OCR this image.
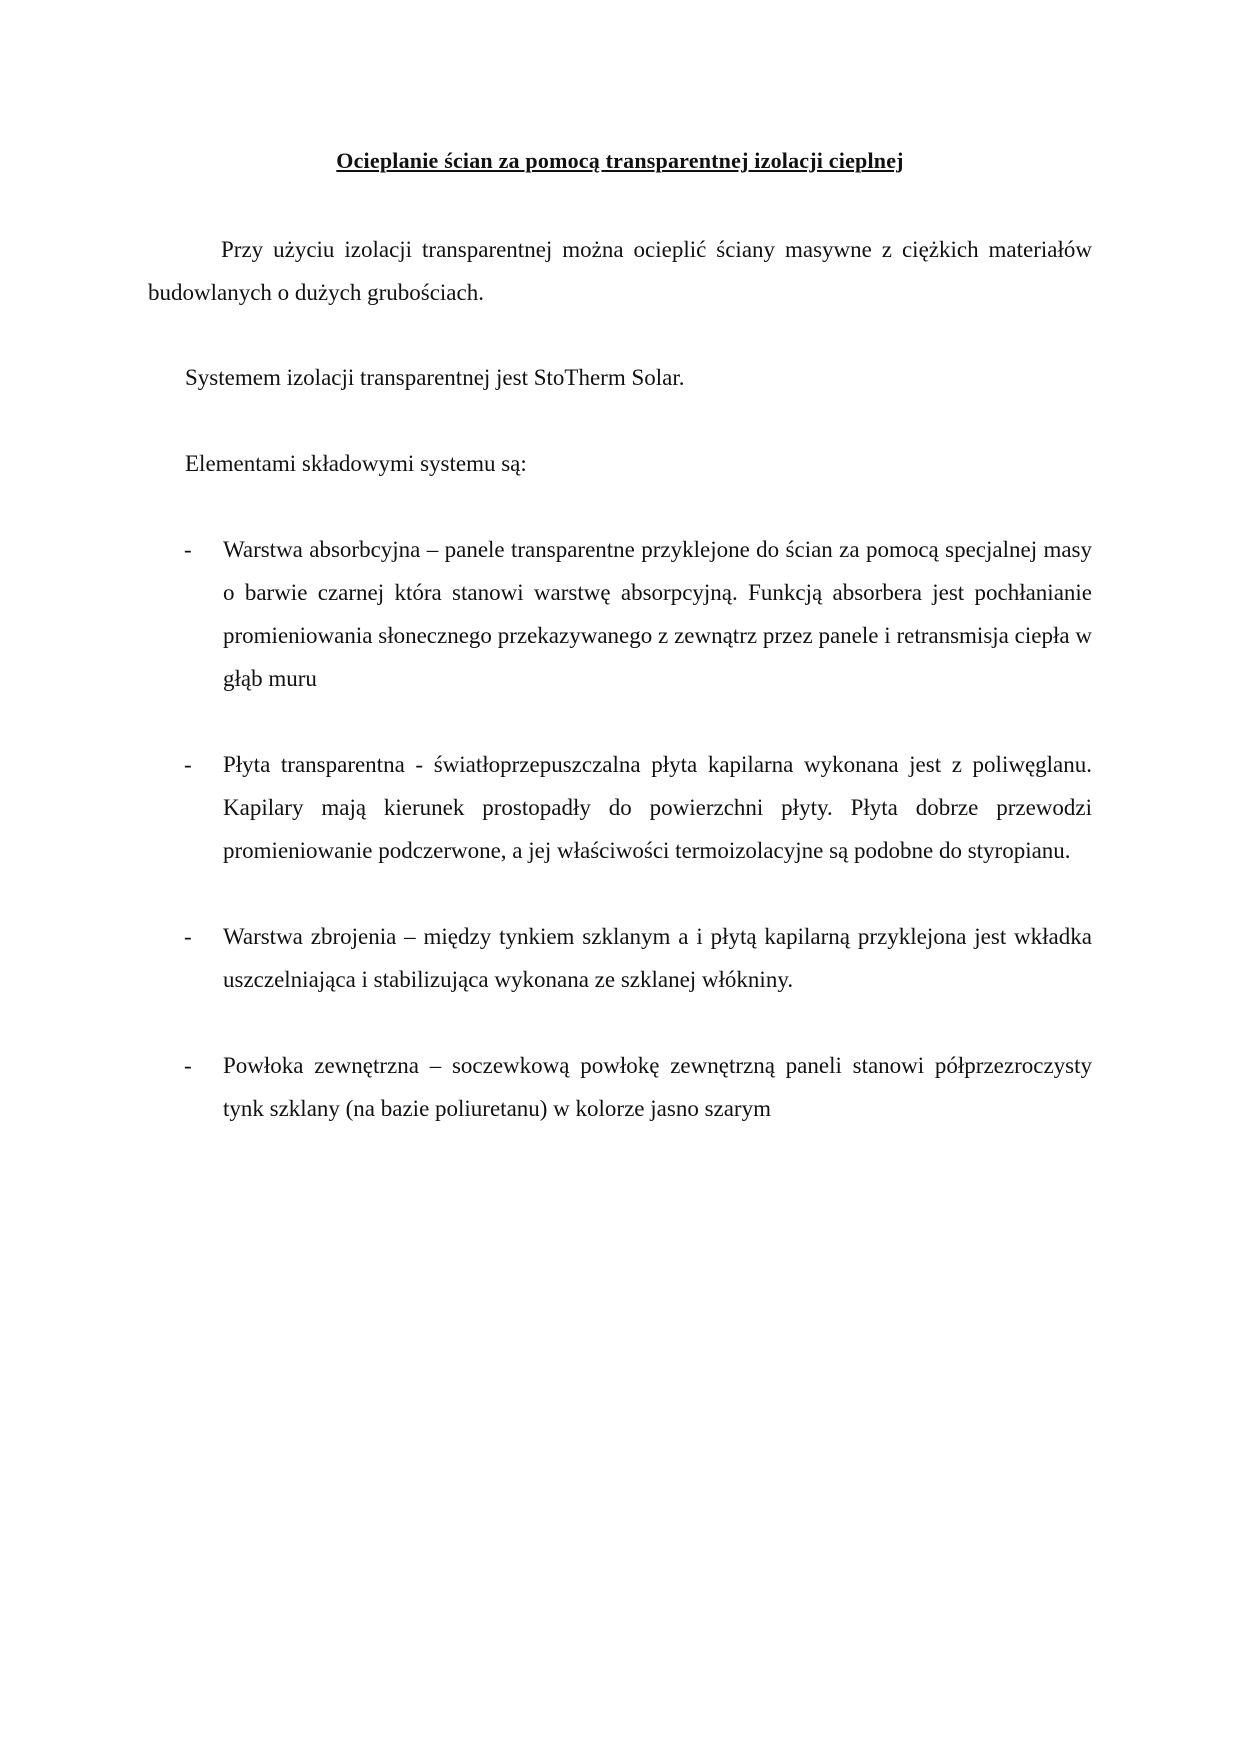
Ocieplanie ścian za pomocą transparentnej izolacji cieplnej

Przy użyciu izolacji transparentnej można ocieplić ściany masywne z ciężkich materiałów budowlanych o dużych grubościach.

Systemem izolacji transparentnej jest StoTherm Solar.

Elementami składowymi systemu są:

- Warstwa absorbcyjna – panele transparentne przyklejone do ścian za pomocą specjalnej masy o barwie czarnej która stanowi warstwę absorpcyjną. Funkcją absorbera jest pochłanianie promieniowania słonecznego przekazywanego z zewnątrz przez panele i retransmisja ciepła w głąb muru
- Płyta transparentna - światłoprzepuszczalna płyta kapilarna wykonana jest z poliwęglanu. Kapilary mają kierunek prostopadły do powierzchni płyty. Płyta dobrze przewodzi promieniowanie podczerwone, a jej właściwości termoizolacyjne są podobne do styropianu.
- Warstwa zbrojenia – między tynkiem szklanym a i płytą kapilarną przyklejona jest wkładka uszczelniająca i stabilizująca wykonana ze szklanej włókniny.
- Powłoka zewnętrzna – soczewkową powłokę zewnętrzną paneli stanowi półprzezroczysty tynk szklany (na bazie poliuretanu) w kolorze jasno szarym
